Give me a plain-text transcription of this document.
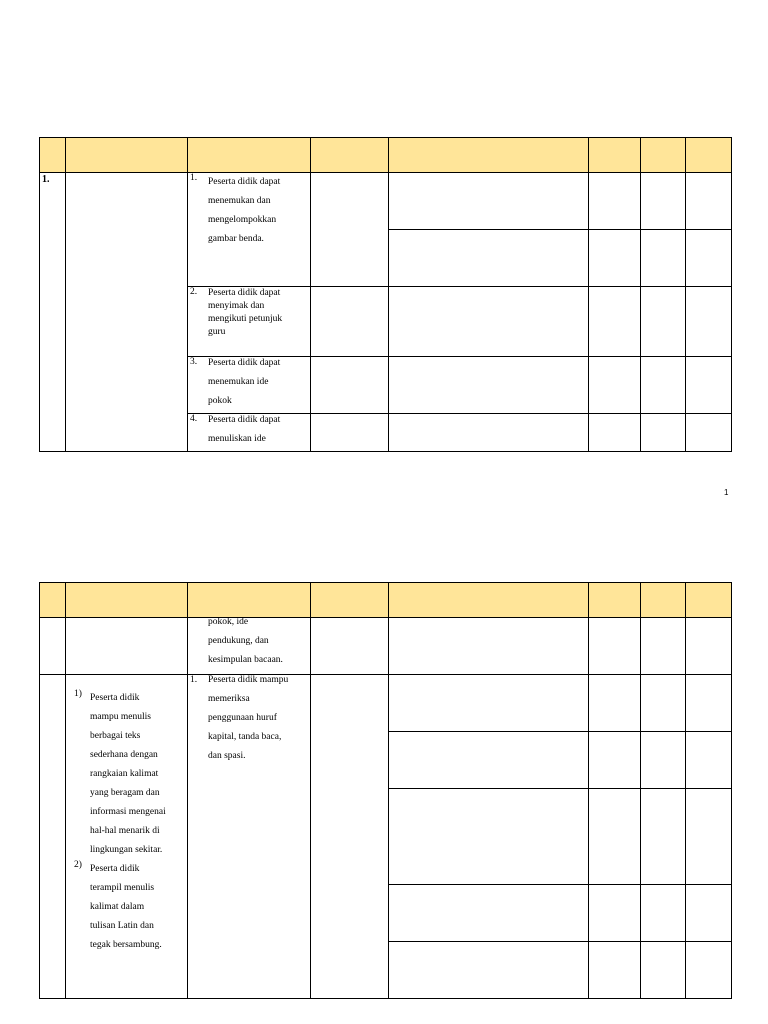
1.	1. Peserta didik dapat
menemukan dan
mengelompokkan
gambar benda.
2. Peserta didik dapat
menyimak dan
mengikuti petunjuk
guru
3. Peserta didik dapat
menemukan ide
pokok
4. Peserta didik dapat
menuliskan ide
1
pokok, ide
pendukung, dan
kesimpulan bacaan.
1) Peserta didik
mampu menulis
berbagai teks
sederhana dengan
rangkaian kalimat
yang beragam dan
informasi mengenai
hal-hal menarik di
lingkungan sekitar.
2) Peserta didik
terampil menulis
kalimat dalam
tulisan Latin dan
tegak bersambung.
1. Peserta didik mampu
memeriksa
penggunaan huruf
kapital, tanda baca,
dan spasi.
